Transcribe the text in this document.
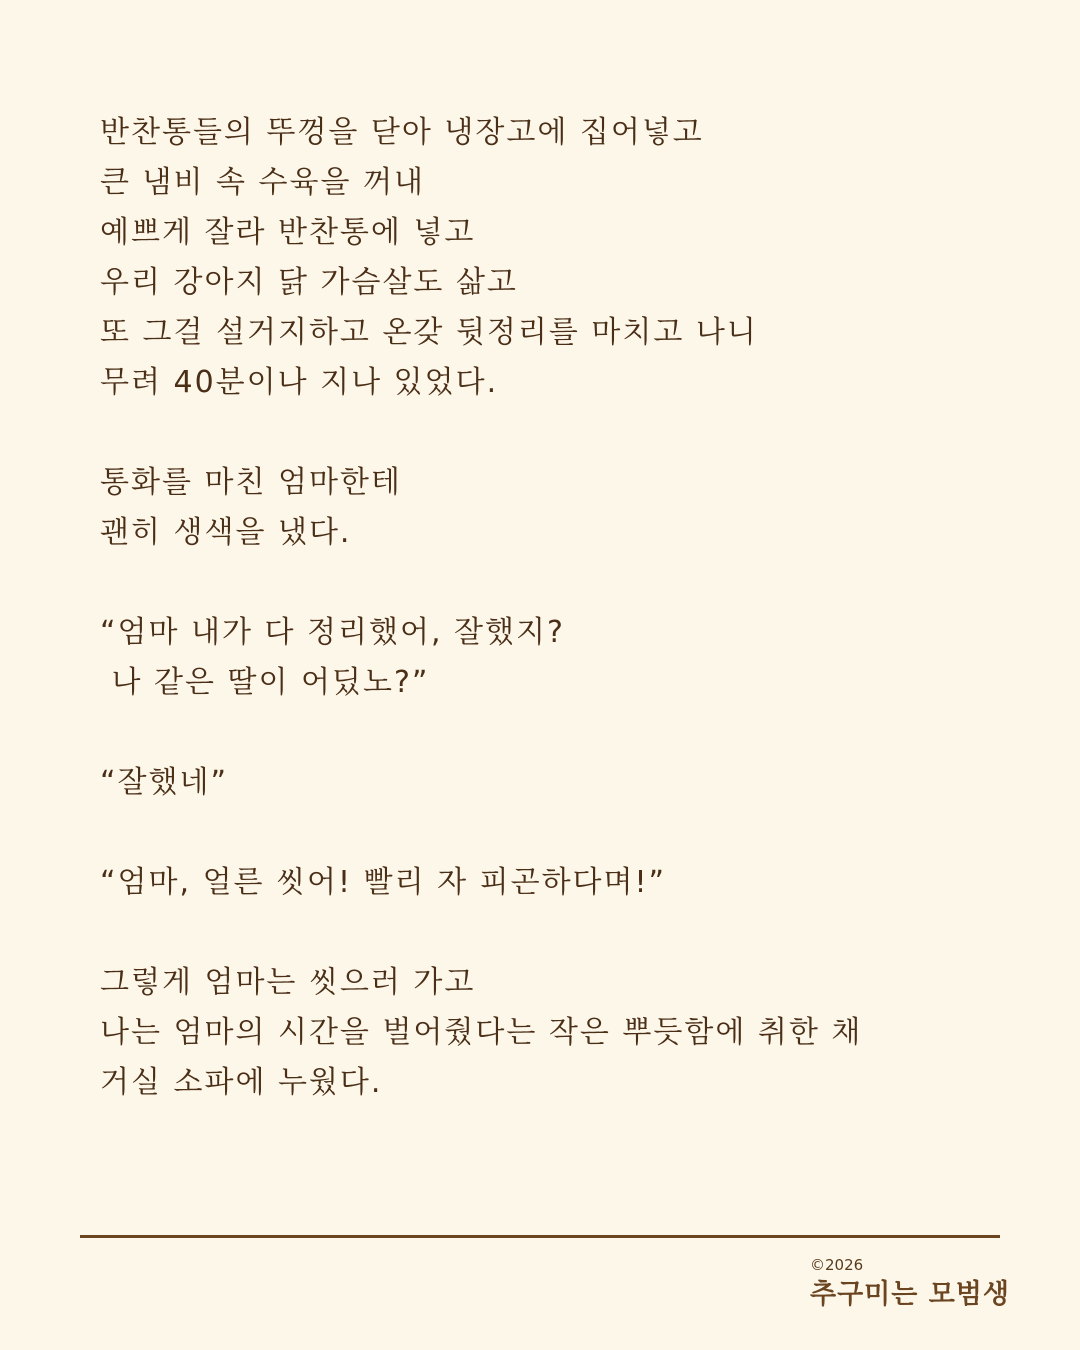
반찬통들의 뚜껑을 닫아 냉장고에 집어넣고
큰 냄비 속 수육을 꺼내
예쁘게 잘라 반찬통에 넣고
우리 강아지 닭 가슴살도 삶고
또 그걸 설거지하고 온갖 뒷정리를 마치고 나니
무려 40분이나 지나 있었다.
통화를 마친 엄마한테
괜히 생색을 냈다.
“엄마 내가 다 정리했어, 잘했지?
나 같은 딸이 어딨노?”
“잘했네”
“엄마, 얼른 씻어! 빨리 자 피곤하다며!”
그렇게 엄마는 씻으러 가고
나는 엄마의 시간을 벌어줬다는 작은 뿌듯함에 취한 채
거실 소파에 누웠다.
©2026
추구미는 모범생
